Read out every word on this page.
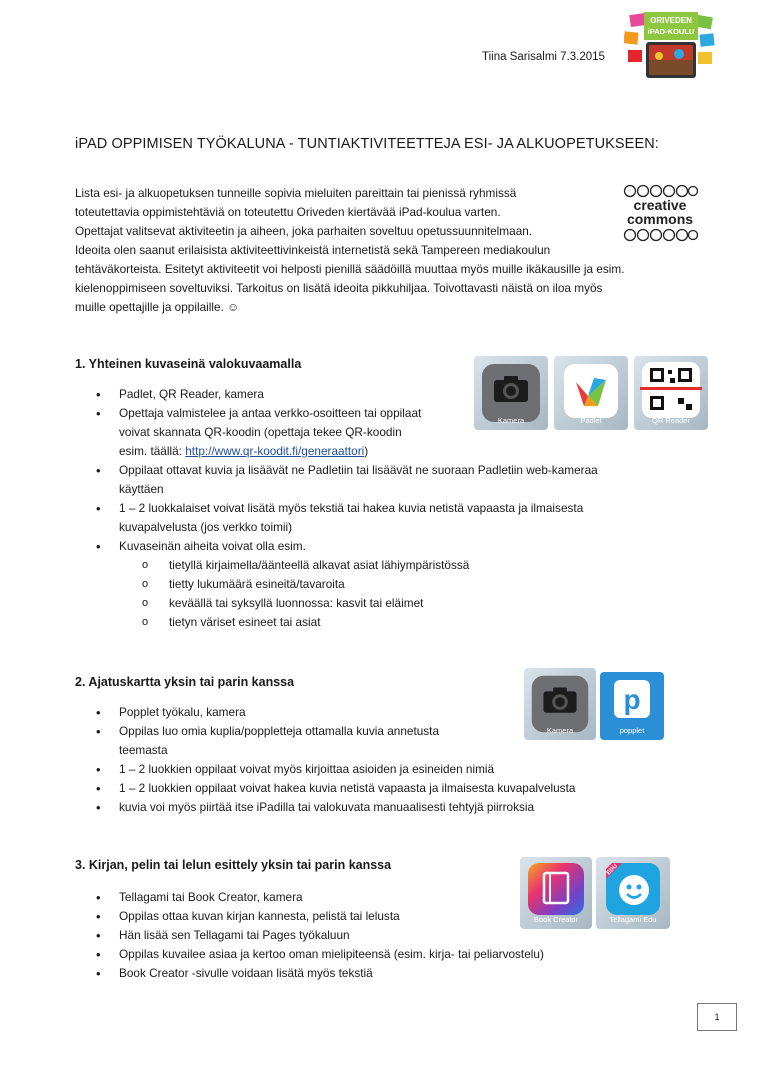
Tiina Sarisalmi 7.3.2015
ORIVEDEN
iPAD-KOULU
iPAD OPPIMISEN TYÖKALUNA - TUNTIAKTIVITEETTEJA ESI- JA ALKUOPETUKSEEN:

Lista esi- ja alkuopetuksen tunneille sopivia mieluiten pareittain tai pienissä ryhmissä

toteutettavia oppimistehtäviä on toteutettu Oriveden kiertävää iPad-koulua varten.

Opettajat valitsevat aktiviteetin ja aiheen, joka parhaiten soveltuu opetussuunnitelmaan.

Ideoita olen saanut erilaisista aktiviteettivinkeistä internetistä sekä Tampereen mediakoulun

tehtäväkorteista. Esitetyt aktiviteetit voi helposti pienillä säädöillä muuttaa myös muille ikäkausille ja esim.

kielenoppimiseen soveltuviksi. Tarkoitus on lisätä ideoita pikkuhiljaa. Toivottavasti näistä on iloa myös

muille opettajille ja oppilaille. ☺

creative
commons
1. Yhteinen kuvaseinä valokuvaamalla
• Padlet, QR Reader, kamera
• Opettaja valmistelee ja antaa verkko-osoitteen tai oppilaat
voivat skannata QR-koodin (opettaja tekee QR-koodin
esim. täällä: http://www.qr-koodit.fi/generaattori)
• Oppilaat ottavat kuvia ja lisäävät ne Padletiin tai lisäävät ne suoraan Padletiin web-kameraa
käyttäen
• 1 – 2 luokkalaiset voivat lisätä myös tekstiä tai hakea kuvia netistä vapaasta ja ilmaisesta
kuvapalvelusta (jos verkko toimii)
• Kuvaseinän aiheita voivat olla esim.
o tietyllä kirjaimella/äänteellä alkavat asiat lähiympäristössä
o tietty lukumäärä esineitä/tavaroita
o keväällä tai syksyllä luonnossa: kasvit tai eläimet
o tietyn väriset esineet tai asiat
Kamera	Padlet	QR Reader
2. Ajatuskartta yksin tai parin kanssa
• Popplet työkalu, kamera
• Oppilas luo omia kuplia/poppletteja ottamalla kuvia annetusta
teemasta
• 1 – 2 luokkien oppilaat voivat myös kirjoittaa asioiden ja esineiden nimiä
• 1 – 2 luokkien oppilaat voivat hakea kuvia netistä vapaasta ja ilmaisesta kuvapalvelusta
• kuvia voi myös piirtää itse iPadilla tai valokuvata manuaalisesti tehtyjä piirroksia
Kamera
p
popplet
3. Kirjan, pelin tai lelun esittely yksin tai parin kanssa
• Tellagami tai Book Creator, kamera
• Oppilas ottaa kuvan kirjan kannesta, pelistä tai lelusta
• Hän lisää sen Tellagami tai Pages työkaluun
• Oppilas kuvailee asiaa ja kertoo oman mielipiteensä (esim. kirja- tai peliarvostelu)
• Book Creator -sivulle voidaan lisätä myös tekstiä
Book Creator
EDU
Tellagami Edu
1
